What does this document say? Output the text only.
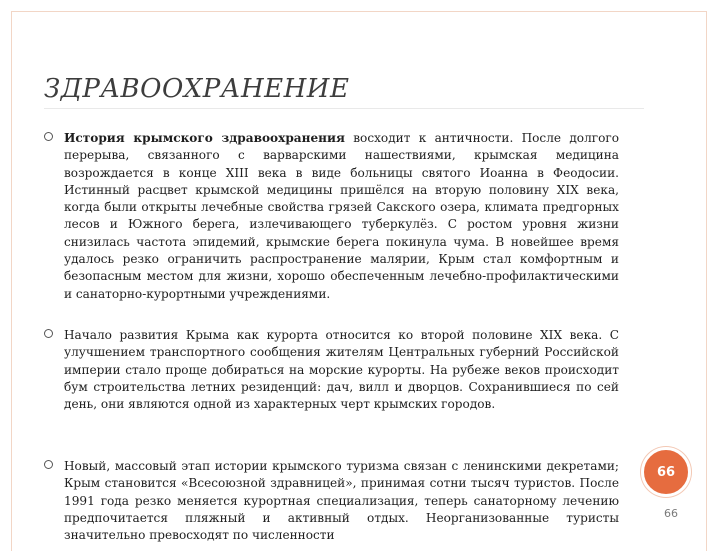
ЗДРАВООХРАНЕНИЕ

История крымского здравоохранения восходит к античности. После долгого перерыва, связанного с варварскими нашествиями, крымская медицина возрождается в конце XIII века в виде больницы святого Иоанна в Феодосии. Истинный расцвет крымской медицины пришёлся на вторую половину XIX века, когда были открыты лечебные свойства грязей Сакского озера, климата предгорных лесов и Южного берега, излечивающего туберкулёз. С ростом уровня жизни снизилась частота эпидемий, крымские берега покинула чума. В новейшее время удалось резко ограничить распространение малярии, Крым стал комфортным и безопасным местом для жизни, хорошо обеспеченным лечебно-профилактическими и санаторно-курортными учреждениями.

Начало развития Крыма как курорта относится ко второй половине XIX века. С улучшением транспортного сообщения жителям Центральных губерний Российской империи стало проще добираться на морские курорты. На рубеже веков происходит бум строительства летних резиденций: дач, вилл и дворцов. Сохранившиеся по сей день, они являются одной из характерных черт крымских городов.

Новый, массовый этап истории крымского туризма связан с ленинскими декретами; Крым становится «Всесоюзной здравницей», принимая сотни тысяч туристов. После 1991 года резко меняется курортная специализация, теперь санаторному лечению предпочитается пляжный и активный отдых. Неорганизованные туристы значительно превосходят по численности

66
66
